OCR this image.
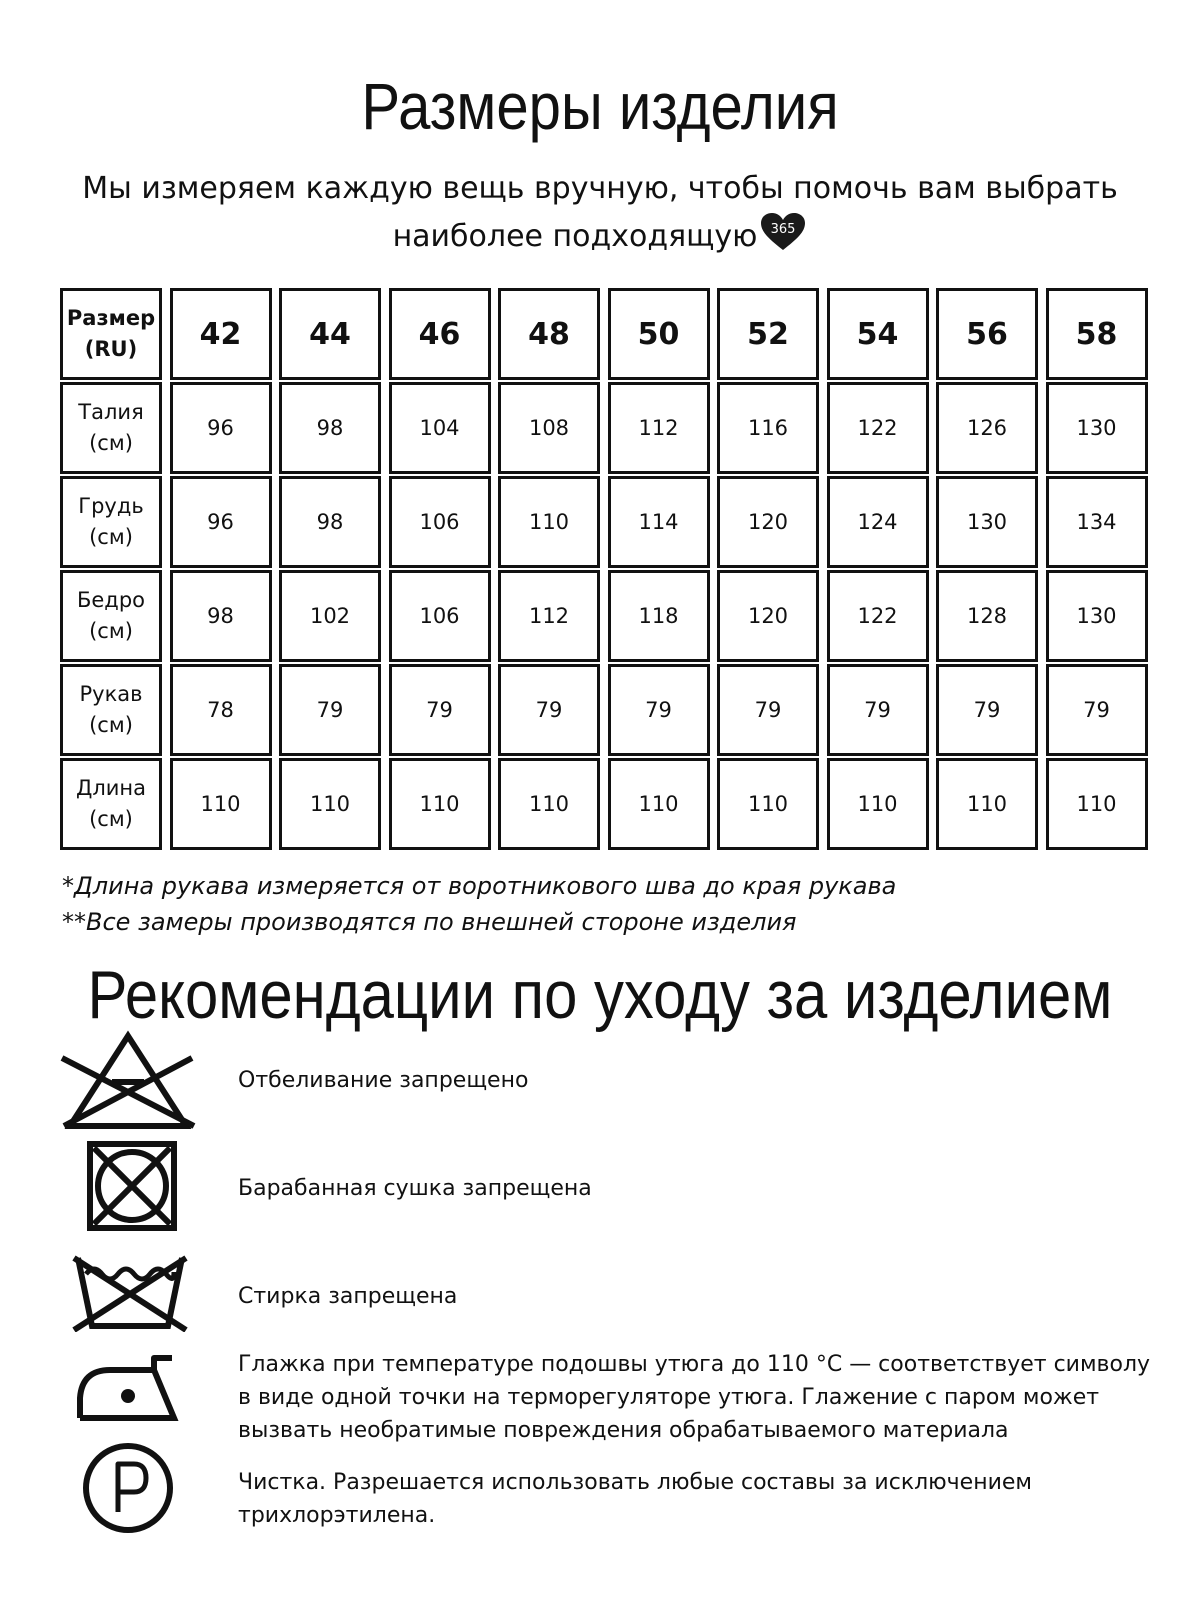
Размеры изделия
Мы измеряем каждую вещь вручную, чтобы помочь вам выбрать
наиболее подходящую 365
Размер
(RU)	42 44 46 48 50 52 54 56 58
Талия
(см)
96	98	104	108	112	116	122	126	130
Грудь
(см)
96	98	106	110	114	120	124	130	134
Бедро
(см)
98	102	106	112	118	120	122	128	130
Рукав
(см)
78	79	79	79	79	79	79	79	79
Длина
(см)
110	110	110	110	110	110	110	110	110
*Длина рукава измеряется от воротникового шва до края рукава
**Все замеры производятся по внешней стороне изделия
Рекомендации по уходу за изделием
Отбеливание запрещено
Барабанная сушка запрещена
Стирка запрещена
Глажка при температуре подошвы утюга до 110 °С — соответствует символу
в виде одной точки на терморегуляторе утюга. Глажение с паром может
вызвать необратимые повреждения обрабатываемого материала
Чистка. Разрешается использовать любые составы за исключением
трихлорэтилена.
